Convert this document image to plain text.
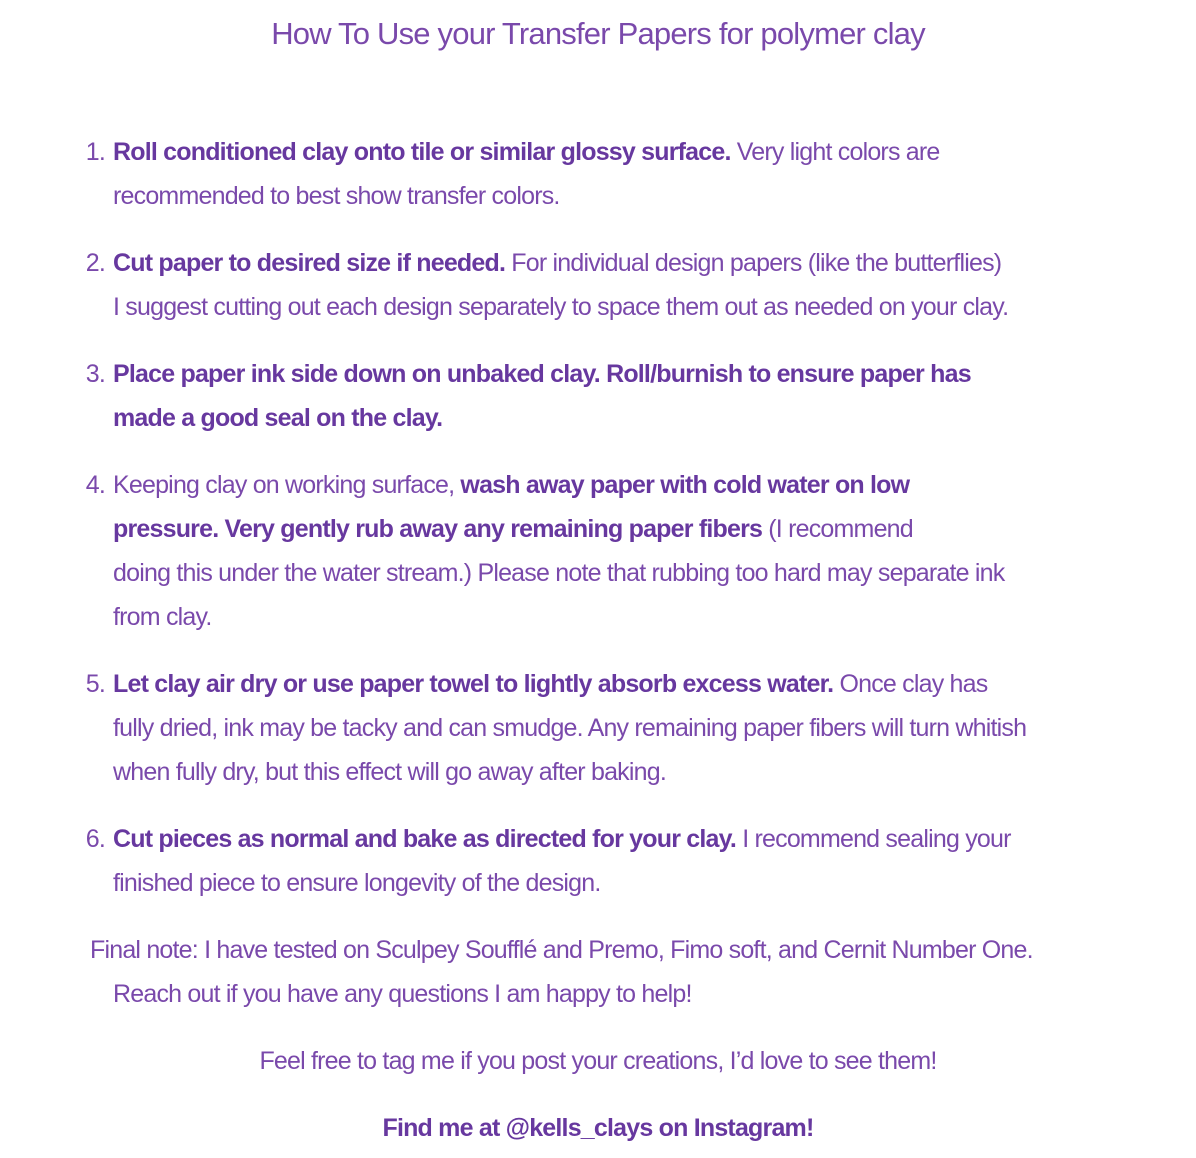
How To Use your Transfer Papers for polymer clay
1. Roll conditioned clay onto tile or similar glossy surface. Very light colors are
recommended to best show transfer colors.
2. Cut paper to desired size if needed. For individual design papers (like the butterflies)
I suggest cutting out each design separately to space them out as needed on your clay.
3. Place paper ink side down on unbaked clay. Roll/burnish to ensure paper has
made a good seal on the clay.
4. Keeping clay on working surface, wash away paper with cold water on low
pressure. Very gently rub away any remaining paper fibers (I recommend
doing this under the water stream.) Please note that rubbing too hard may separate ink
from clay.
5. Let clay air dry or use paper towel to lightly absorb excess water. Once clay has
fully dried, ink may be tacky and can smudge. Any remaining paper fibers will turn whitish
when fully dry, but this effect will go away after baking.
6. Cut pieces as normal and bake as directed for your clay. I recommend sealing your
finished piece to ensure longevity of the design.
Final note: I have tested on Sculpey Soufflé and Premo, Fimo soft, and Cernit Number One.
Reach out if you have any questions I am happy to help!
Feel free to tag me if you post your creations, I’d love to see them!
Find me at @kells_clays on Instagram!
